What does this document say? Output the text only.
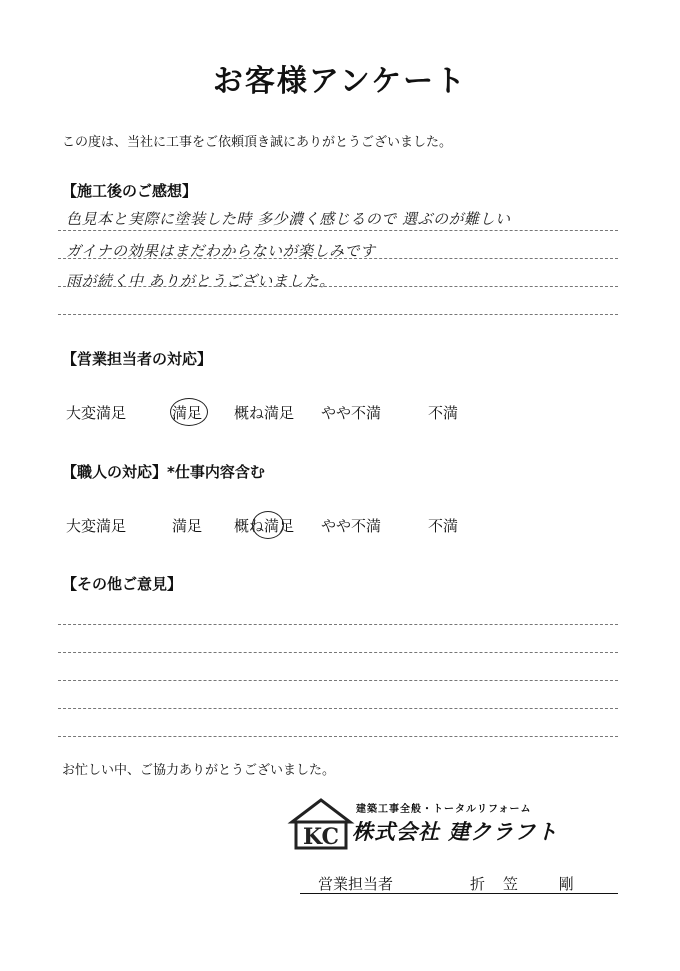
お客様アンケート
この度は、当社に工事をご依頼頂き誠にありがとうございました。
【施工後のご感想】
色見本と実際に塗装した時 多少濃く感じるので 選ぶのが難しい
ガイナの効果はまだわからないが楽しみです
雨が続く中 ありがとうございました。
【営業担当者の対応】
大変満足	満足 概ね満足 やや不満	不満
【職人の対応】*仕事内容含む
大変満足	満足 概ね満足 やや不満	不満
【その他ご意見】
お忙しい中、ご協力ありがとうございました。
KC
建築工事全般・トータルリフォーム
株式会社 建クラフト
営業担当者	折笠 剛
